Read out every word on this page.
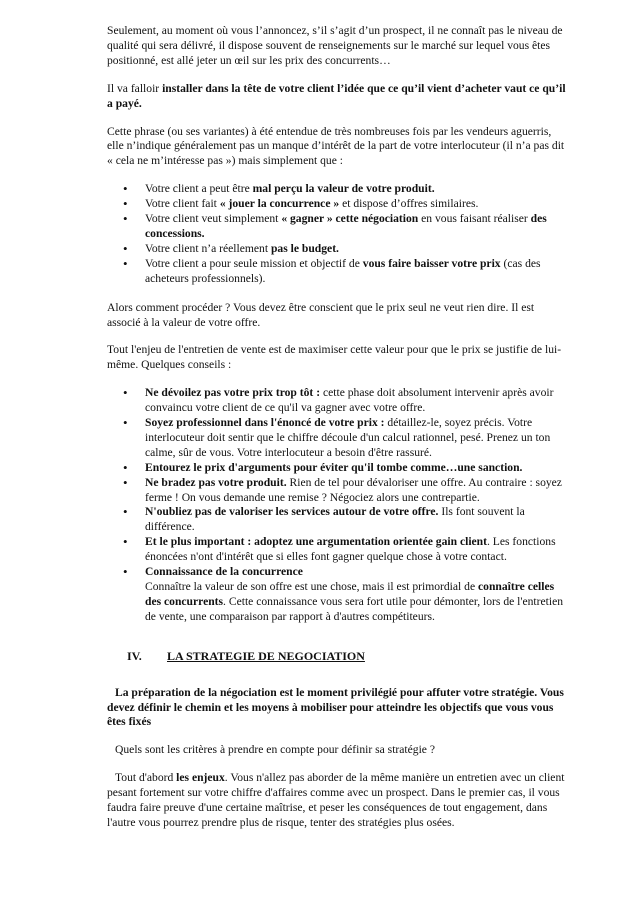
Seulement, au moment où vous l’annoncez, s’il s’agit d’un prospect, il ne connaît pas le niveau de qualité qui sera délivré, il dispose souvent de renseignements sur le marché sur lequel vous êtes positionné, est allé jeter un œil sur les prix des concurrents…

Il va falloir installer dans la tête de votre client l’idée que ce qu’il vient d’acheter vaut ce qu’il a payé.

Cette phrase (ou ses variantes) à été entendue de très nombreuses fois par les vendeurs aguerris, elle n’indique généralement pas un manque d’intérêt de la part de votre interlocuteur (il n’a pas dit « cela ne m’intéresse pas ») mais simplement que :

• Votre client a peut être mal perçu la valeur de votre produit.
• Votre client fait « jouer la concurrence » et dispose d’offres similaires.
• Votre client veut simplement « gagner » cette négociation en vous faisant réaliser des concessions.
• Votre client n’a réellement pas le budget.
• Votre client a pour seule mission et objectif de vous faire baisser votre prix (cas des acheteurs professionnels).

Alors comment procéder ? Vous devez être conscient que le prix seul ne veut rien dire. Il est associé à la valeur de votre offre.

Tout l'enjeu de l'entretien de vente est de maximiser cette valeur pour que le prix se justifie de lui-même. Quelques conseils :

• Ne dévoilez pas votre prix trop tôt : cette phase doit absolument intervenir après avoir convaincu votre client de ce qu'il va gagner avec votre offre.
• Soyez professionnel dans l'énoncé de votre prix : détaillez-le, soyez précis. Votre interlocuteur doit sentir que le chiffre découle d'un calcul rationnel, pesé. Prenez un ton calme, sûr de vous. Votre interlocuteur a besoin d'être rassuré.
• Entourez le prix d'arguments pour éviter qu'il tombe comme…une sanction.
• Ne bradez pas votre produit. Rien de tel pour dévaloriser une offre. Au contraire : soyez ferme ! On vous demande une remise ? Négociez alors une contrepartie.
• N'oubliez pas de valoriser les services autour de votre offre. Ils font souvent la différence.
• Et le plus important : adoptez une argumentation orientée gain client. Les fonctions énoncées n'ont d'intérêt que si elles font gagner quelque chose à votre contact.
• Connaissance de la concurrence
Connaître la valeur de son offre est une chose, mais il est primordial de connaître celles des concurrents. Cette connaissance vous sera fort utile pour démonter, lors de l'entretien de vente, une comparaison par rapport à d'autres compétiteurs.
IV.	LA STRATEGIE DE NEGOCIATION

La préparation de la négociation est le moment privilégié pour affuter votre stratégie. Vous devez définir le chemin et les moyens à mobiliser pour atteindre les objectifs que vous vous êtes fixés

Quels sont les critères à prendre en compte pour définir sa stratégie ?

Tout d'abord les enjeux. Vous n'allez pas aborder de la même manière un entretien avec un client pesant fortement sur votre chiffre d'affaires comme avec un prospect. Dans le premier cas, il vous faudra faire preuve d'une certaine maîtrise, et peser les conséquences de tout engagement, dans l'autre vous pourrez prendre plus de risque, tenter des stratégies plus osées.
